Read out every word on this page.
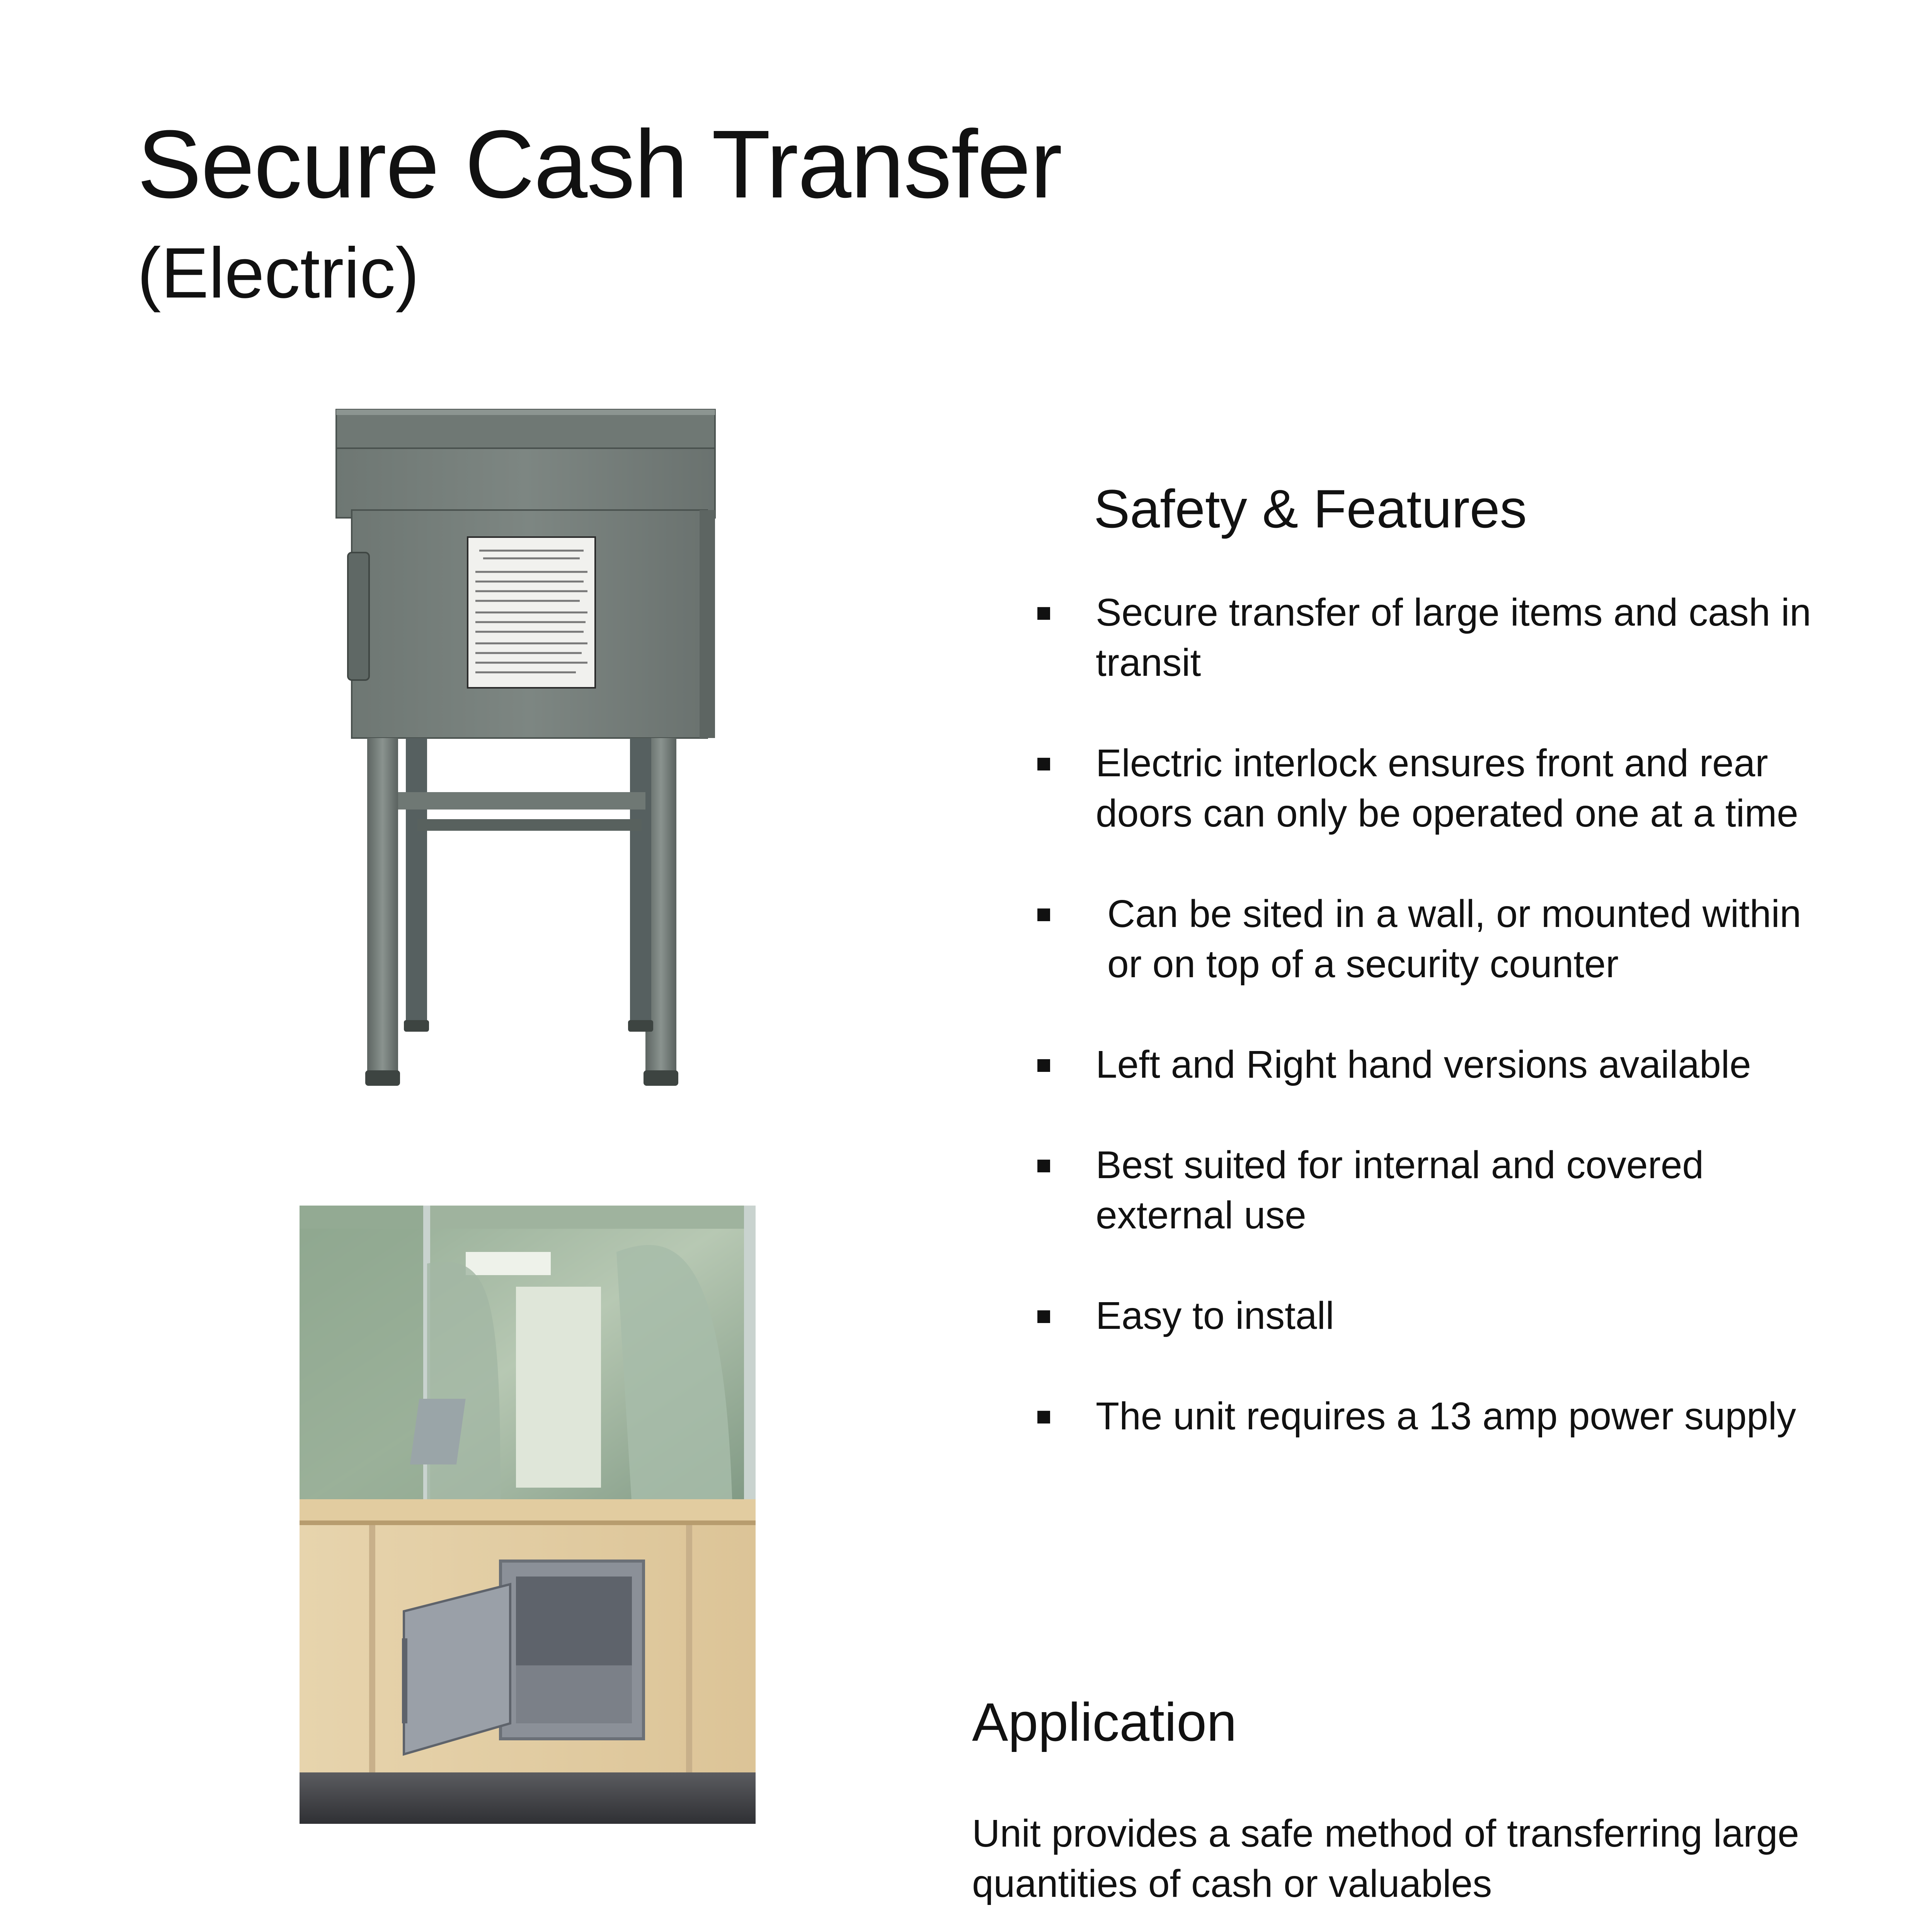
Secure Cash Transfer
(Electric)
Safety & Features
■ Secure transfer of large items and cash in transit
■ Electric interlock ensures front and rear doors can only be operated one at a time
■ Can be sited in a wall, or mounted within or on top of a security counter
■ Left and Right hand versions available
■ Best suited for internal and covered external use
■ Easy to install
■ The unit requires a 13 amp power supply
Application

Unit provides a safe method of transferring large quantities of cash or valuables
